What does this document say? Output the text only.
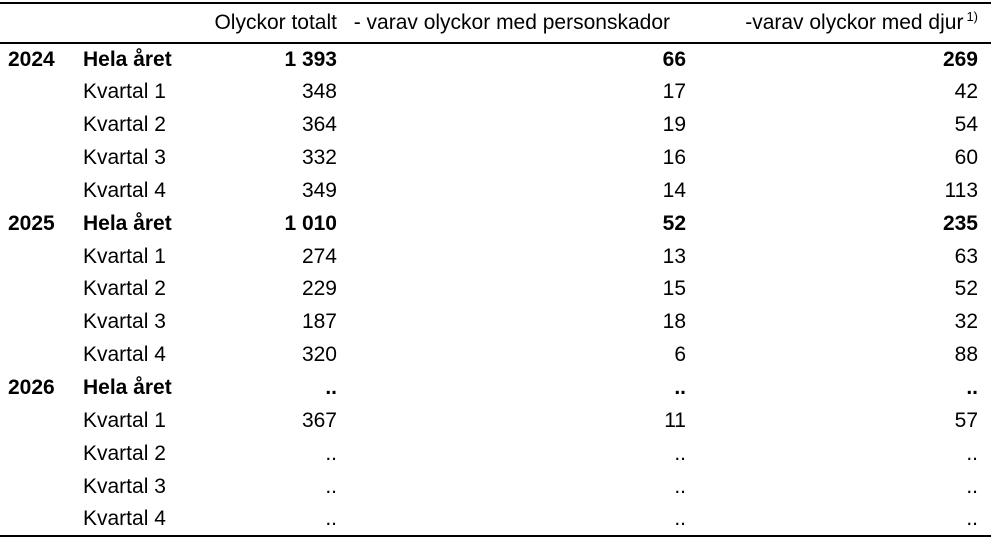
		Olyckor totalt	- varav olyckor med personskador	-varav olyckor med djur $^{1)}$
2024	Hela året	1 393	66	269
	Kvartal 1	348	17	42
	Kvartal 2	364	19	54
	Kvartal 3	332	16	60
	Kvartal 4	349	14	113
2025	Hela året	1 010	52	235
	Kvartal 1	274	13	63
	Kvartal 2	229	15	52
	Kvartal 3	187	18	32
	Kvartal 4	320	6	88
2026	Hela året	..	..	..
	Kvartal 1	367	11	57
	Kvartal 2	..	..	..
	Kvartal 3	..	..	..
	Kvartal 4	..	..	..
